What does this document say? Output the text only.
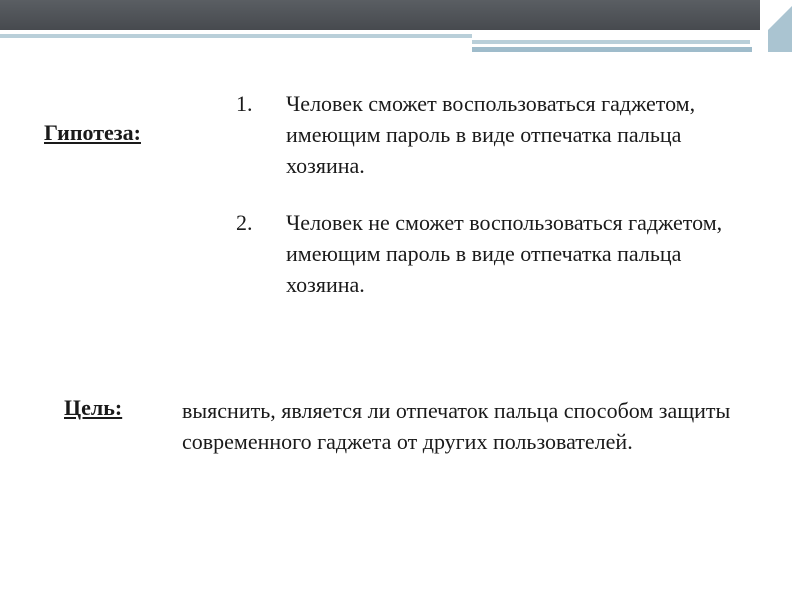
Гипотеза:
1. Человек сможет воспользоваться гаджетом, имеющим пароль в виде отпечатка пальца хозяина.
2. Человек не сможет воспользоваться гаджетом, имеющим пароль в виде отпечатка пальца хозяина.
Цель:	выяснить, является ли отпечаток пальца способом защиты современного гаджета от других пользователей.
